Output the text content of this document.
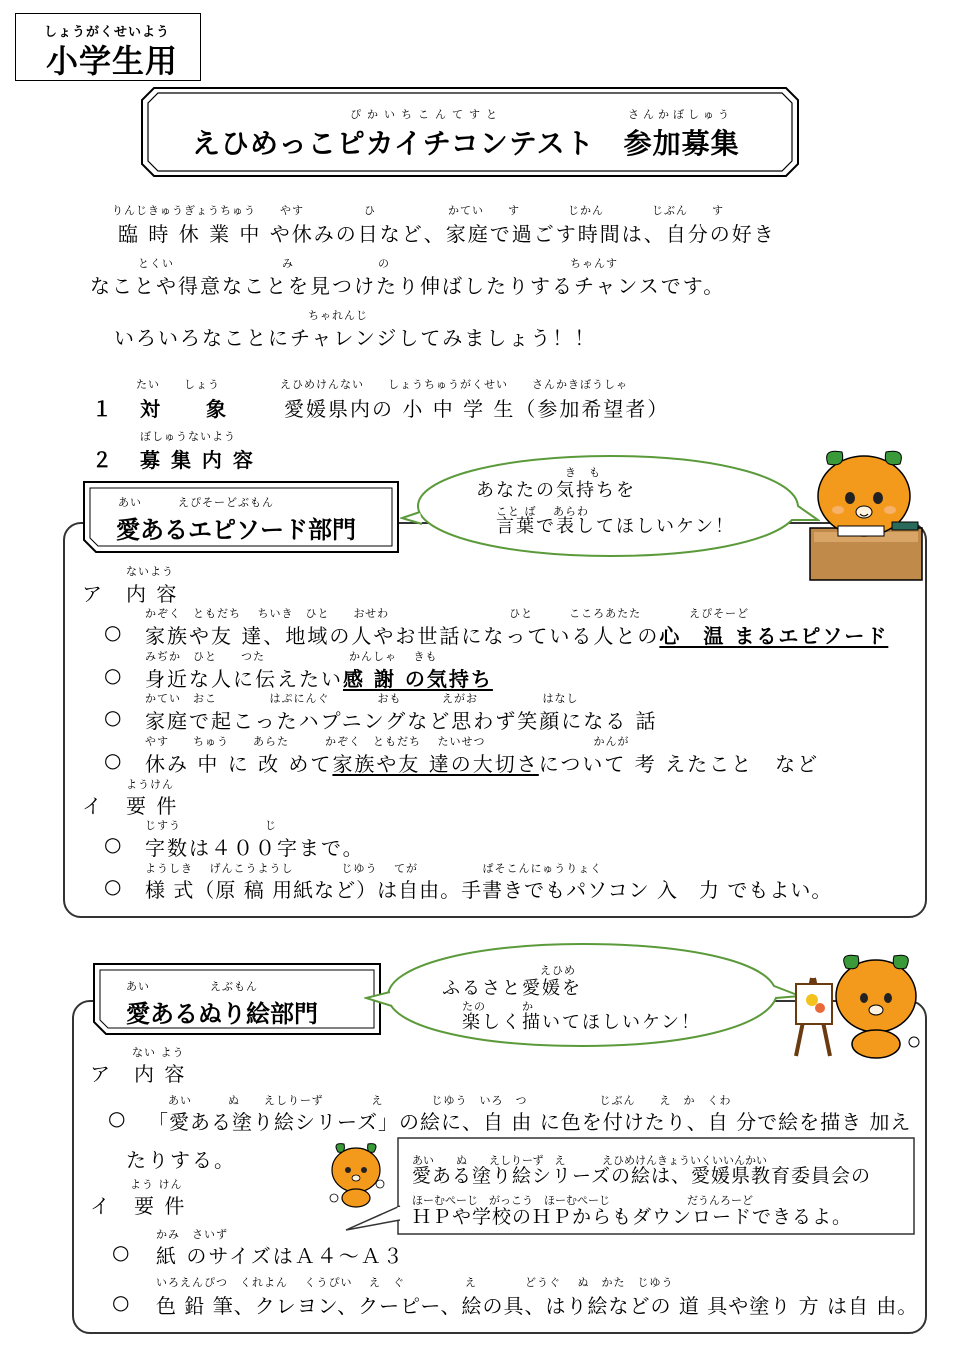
しょうがくせいよう
小学生用
ぴかいちこんてすと	さんかぼしゅう
えひめっこピカイチコンテスト　参加募集
りんじきゅうぎょうちゅう　　やす　　　　　ひ　　　　　　かてい　　す　　　　じかん　　　　じぶん　　す
臨 時 休 業 中 や休みの日など、家庭で過ごす時間は、自分の好き
　　　　とくい　　　　　　　　　み　　　　　　　の　　　　　　　　　　　　　　　ちゃんす
なことや得意なことを見つけたり伸ばしたりするチャンスです。
ちゃれんじ
いろいろなことにチャレンジしてみましょう！！
たい　　しょう　　　　　えひめけんない　　しょうちゅうがくせい　　さんかきぼうしゃ
１ 対　　象	愛媛県内の 小 中 学 生（参加希望者）
ぼしゅうないよう
２ 募 集 内 容
あい　　　えぴそーどぶもん
愛あるエピソード部門
き　も
あなたの気持ちを
こと ば　 あらわ
言葉で表してほしいケン！
ないよう
ア　内 容
かぞく　ともだち　 ちいき　ひと　　おせわ　　　　　　　　　　ひと　　　こころあたた　　　　えぴそーど
○ 家族や友 達、地域の人やお世話になっている人との心　温 まるエピソード
みぢか　ひと　　つた　　　　　　　かんしゃ　 きも
○ 身近な人に伝えたい感 謝 の気持ち
かてい　おこ　　　　 はぷにんぐ　　　　おも　　　 えがお　　　　　 はなし
○ 家庭で起こったハプニングなど思わず笑顔になる 話
やす　　ちゅう　　あらた　　　かぞく　ともだち　 たいせつ　　　　　　　　　かんが
○ 休み 中 に 改 めて家族や友 達の大切さについて 考 えたこと　など
ようけん
イ　要 件
じすう　　　　　　　じ
○ 字数は４００字まで。
ようしき　 げんこうようし　　　　じゆう　 てが　　　　　 ぱそこんにゅうりょく
○ 様 式（原 稿 用紙など）は自由。手書きでもパソコン 入　力 でもよい。
あい　　　　　えぶもん
愛あるぬり絵部門
えひめ
ふるさと愛媛を
たの　　　か
楽しく描いてほしいケン！
ない よう
ア　内 容
あい　　　ぬ　　えしりーず　　　　え　　　　じゆう　いろ　つ　　　　　　じぶん　　え　か　くわ
○ 「愛ある塗り絵シリーズ」の絵に、自 由 に色を付けたり、自 分で絵を描き 加え
たりする。
よう けん
イ　要 件
あい　　ぬ　　えしりーず　え　　　 えひめけんきょういくいいんかい
愛ある塗り絵シリーズの絵は、愛媛県教育委員会の
ほーむぺーじ　がっこう　ほーむぺーじ　　　　　　　だうんろーど
ＨＰや学校のＨＰからもダウンロードできるよ。
かみ　さいず
○ 紙 のサイズはＡ４～Ａ３
いろえんぴつ　くれよん　 くうぴい　 え　ぐ　　　　　え　　　　どうぐ　 ぬ　かた　じゆう
○ 色 鉛 筆、クレヨン、クーピー、絵の具、はり絵などの 道 具や塗り 方 は自 由。
